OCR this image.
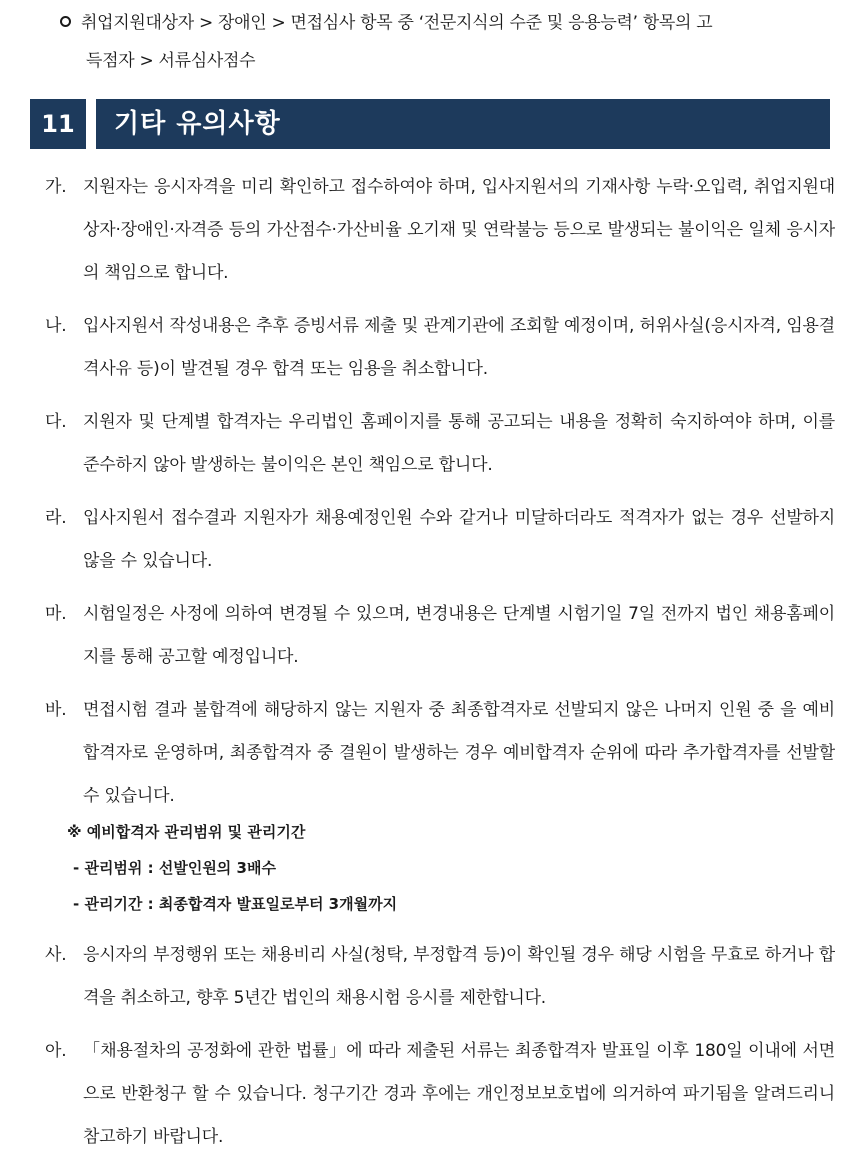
취업지원대상자 > 장애인 > 면접심사 항목 중 ‘전문지식의 수준 및 응용능력’ 항목의 고
득점자 > 서류심사점수
11	기타 유의사항
가. 지원자는 응시자격을 미리 확인하고 접수하여야 하며, 입사지원서의 기재사항 누락·오입력, 취업지원대상자·장애인·자격증 등의 가산점수·가산비율 오기재 및 연락불능 등으로 발생되는 불이익은 일체 응시자의 책임으로 합니다.
나. 입사지원서 작성내용은 추후 증빙서류 제출 및 관계기관에 조회할 예정이며, 허위사실(응시자격, 임용결격사유 등)이 발견될 경우 합격 또는 임용을 취소합니다.
다. 지원자 및 단계별 합격자는 우리법인 홈페이지를 통해 공고되는 내용을 정확히 숙지하여야 하며, 이를 준수하지 않아 발생하는 불이익은 본인 책임으로 합니다.
라. 입사지원서 접수결과 지원자가 채용예정인원 수와 같거나 미달하더라도 적격자가 없는 경우 선발하지 않을 수 있습니다.
마. 시험일정은 사정에 의하여 변경될 수 있으며, 변경내용은 단계별 시험기일 7일 전까지 법인 채용홈페이지를 통해 공고할 예정입니다.
바. 면접시험 결과 불합격에 해당하지 않는 지원자 중 최종합격자로 선발되지 않은 나머지 인원 중 을 예비합격자로 운영하며, 최종합격자 중 결원이 발생하는 경우 예비합격자 순위에 따라 추가합격자를 선발할 수 있습니다.
※ 예비합격자 관리범위 및 관리기간
- 관리범위 : 선발인원의 3배수
- 관리기간 : 최종합격자 발표일로부터 3개월까지
사. 응시자의 부정행위 또는 채용비리 사실(청탁, 부정합격 등)이 확인될 경우 해당 시험을 무효로 하거나 합격을 취소하고, 향후 5년간 법인의 채용시험 응시를 제한합니다.
아. 「채용절차의 공정화에 관한 법률」에 따라 제출된 서류는 최종합격자 발표일 이후 180일 이내에 서면으로 반환청구 할 수 있습니다. 청구기간 경과 후에는 개인정보보호법에 의거하여 파기됨을 알려드리니 참고하기 바랍니다.
